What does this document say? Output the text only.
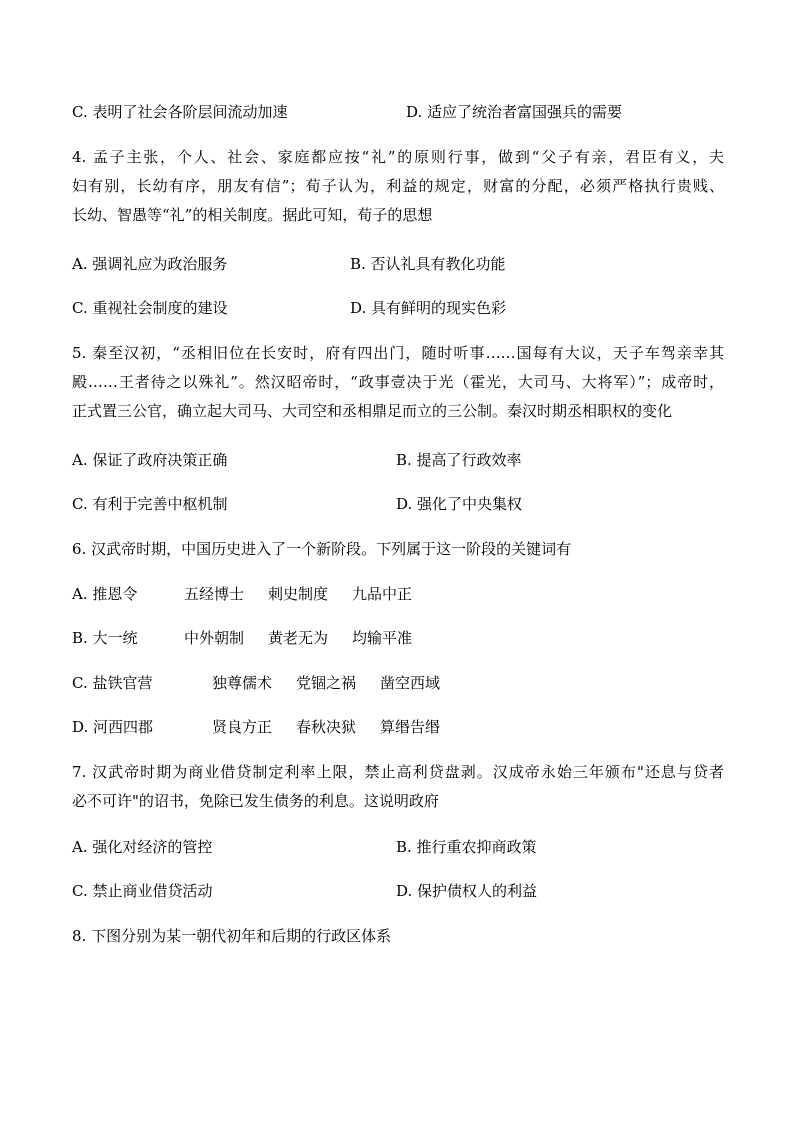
C. 表明了社会各阶层间流动加速	D. 适应了统治者富国强兵的需要
4. 孟子主张，个人、社会、家庭都应按“礼”的原则行事，做到“父子有亲，君臣有义，夫
妇有别，长幼有序，朋友有信”；荀子认为，利益的规定，财富的分配，必须严格执行贵贱、
长幼、智愚等“礼”的相关制度。据此可知，荀子的思想
A. 强调礼应为政治服务	B. 否认礼具有教化功能
C. 重视社会制度的建设	D. 具有鲜明的现实色彩
5. 秦至汉初，“丞相旧位在长安时，府有四出门，随时听事……国每有大议，天子车驾亲幸其
殿……王者待之以殊礼”。然汉昭帝时，“政事壹决于光（霍光，大司马、大将军）”；成帝时，
正式置三公官，确立起大司马、大司空和丞相鼎足而立的三公制。秦汉时期丞相职权的变化
A. 保证了政府决策正确	B. 提高了行政效率
C. 有利于完善中枢机制	D. 强化了中央集权
6. 汉武帝时期，中国历史进入了一个新阶段。下列属于这一阶段的关键词有
A. 推恩令	五经博士 刺史制度 九品中正
B. 大一统	中外朝制 黄老无为 均输平准
C. 盐铁官营	独尊儒术 党锢之祸 凿空西域
D. 河西四郡	贤良方正 春秋决狱 算缗告缗
7. 汉武帝时期为商业借贷制定利率上限，禁止高利贷盘剥。汉成帝永始三年颁布"还息与贷者
必不可许"的诏书，免除已发生债务的利息。这说明政府
A. 强化对经济的管控	B. 推行重农抑商政策
C. 禁止商业借贷活动	D. 保护债权人的利益
8. 下图分别为某一朝代初年和后期的行政区体系
